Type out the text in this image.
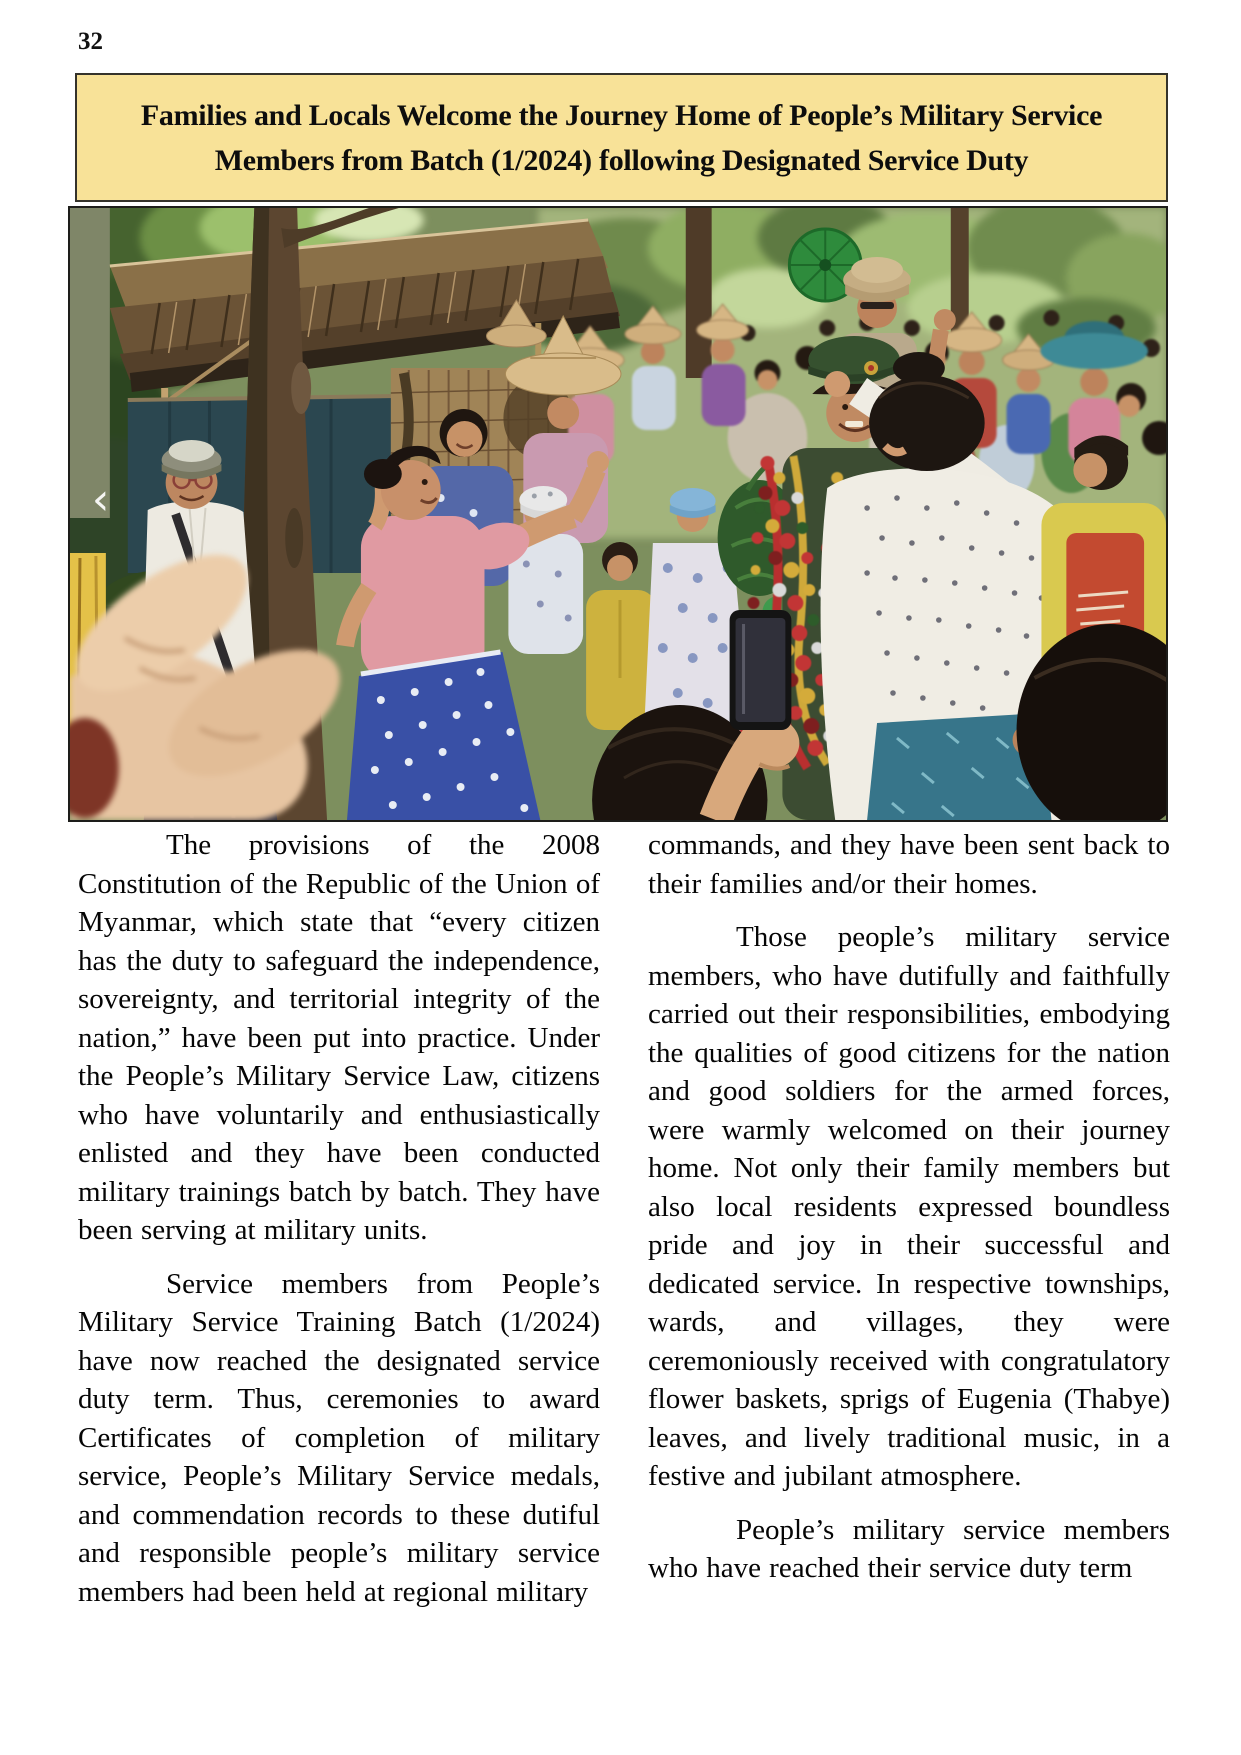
32
Families and Locals Welcome the Journey Home of People’s Military Service
Members from Batch (1/2024) following Designated Service Duty
‹

The provisions of the 2008 Constitution of the Republic of the Union of Myanmar, which state that “every citizen has the duty to safeguard the independence, sovereignty, and territorial integrity of the nation,” have been put into practice. Under the People’s Military Service Law, citizens who have voluntarily and enthusiastically enlisted and they have been conducted military trainings batch by batch. They have been serving at military units.

Service members from People’s Military Service Training Batch (1/2024) have now reached the designated service duty term. Thus, ceremonies to award Certificates of completion of military service, People’s Military Service medals, and commendation records to these dutiful and responsible people’s military service members had been held at regional military

commands, and they have been sent back to their families and/or their homes.

Those people’s military service members, who have dutifully and faithfully carried out their responsibilities, embodying the qualities of good citizens for the nation and good soldiers for the armed forces, were warmly welcomed on their journey home. Not only their family members but also local residents expressed boundless pride and joy in their successful and dedicated service. In respective townships, wards, and villages, they were ceremoniously received with congratulatory flower baskets, sprigs of Eugenia (Thabye) leaves, and lively traditional music, in a festive and jubilant atmosphere.

People’s military service members who have reached their service duty term
